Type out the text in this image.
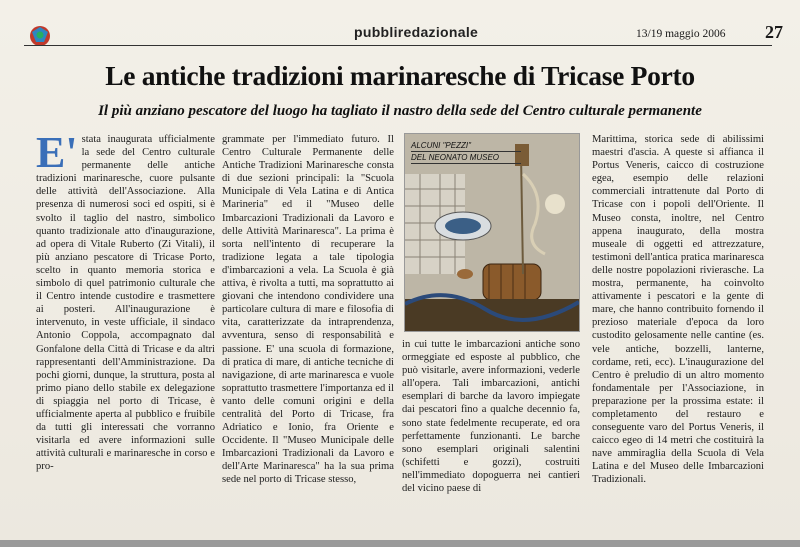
pubbliredazionale	13/19 maggio 2006 27
Le antiche tradizioni marinaresche di Tricase Porto
Il più anziano pescatore del luogo ha tagliato il nastro della sede del Centro culturale permanente
E' stata inaugurata ufficialmente la sede del Centro culturale permanente delle antiche tradizioni marinaresche, cuore pulsante delle attività dell'Associazione. Alla presenza di numerosi soci ed ospiti, si è svolto il taglio del nastro, simbolico quanto tradizionale atto d'inaugurazione, ad opera di Vitale Ruberto (Zi Vitali), il più anziano pescatore di Tricase Porto, scelto in quanto memoria storica e simbolo di quel patrimonio culturale che il Centro intende custodire e trasmettere ai posteri. All'inaugurazione è intervenuto, in veste ufficiale, il sindaco Antonio Coppola, accompagnato dal Gonfalone della Città di Tricase e da altri rappresentanti dell'Amministrazione. Da pochi giorni, dunque, la struttura, posta al primo piano dello stabile ex delegazione di spiaggia nel porto di Tricase, è ufficialmente aperta al pubblico e fruibile da tutti gli interessati che vorranno visitarla ed avere informazioni sulle attività culturali e marinaresche in corso e pro-

grammate per l'immediato futuro. Il Centro Culturale Permanente delle Antiche Tradizioni Marinaresche consta di due sezioni principali: la "Scuola Municipale di Vela Latina e di Antica Marineria" ed il "Museo delle Imbarcazioni Tradizionali da Lavoro e delle Attività Marinaresca". La prima è sorta nell'intento di recuperare la tradizione legata a tale tipologia d'imbarcazioni a vela. La Scuola è già attiva, è rivolta a tutti, ma soprattutto ai giovani che intendono condividere una particolare cultura di mare e filosofia di vita, caratterizzate da intraprendenza, avventura, senso di responsabilità e passione. E' una scuola di formazione, di pratica di mare, di antiche tecniche di navigazione, di arte marinaresca e vuole soprattutto trasmettere l'importanza ed il vanto delle comuni origini e della centralità del Porto di Tricase, fra Adriatico e Ionio, fra Oriente e Occidente. Il "Museo Municipale delle Imbarcazioni Tradizionali da Lavoro e dell'Arte Marinaresca" ha la sua prima sede nel porto di Tricase stesso,

ALCUNI "PEZZI"
DEL NEONATO MUSEO

in cui tutte le imbarcazioni antiche sono ormeggiate ed esposte al pubblico, che può visitarle, avere informazioni, vederle all'opera. Tali imbarcazioni, antichi esemplari di barche da lavoro impiegate dai pescatori fino a qualche decennio fa, sono state fedelmente recuperate, ed ora perfettamente funzionanti. Le barche sono esemplari originali salentini (schifetti e gozzi), costruiti nell'immediato dopoguerra nei cantieri del vicino paese di

Marittima, storica sede di abilissimi maestri d'ascia. A queste si affianca il Portus Veneris, caicco di costruzione egea, esempio delle relazioni commerciali intrattenute dal Porto di Tricase con i popoli dell'Oriente. Il Museo consta, inoltre, nel Centro appena inaugurato, della mostra museale di oggetti ed attrezzature, testimoni dell'antica pratica marinaresca delle nostre popolazioni rivierasche. La mostra, permanente, ha coinvolto attivamente i pescatori e la gente di mare, che hanno contribuito fornendo il prezioso materiale d'epoca da loro custodito gelosamente nelle cantine (es. vele antiche, bozzelli, lanterne, cordame, reti, ecc). L'inaugurazione del Centro è preludio di un altro momento fondamentale per l'Associazione, in preparazione per la prossima estate: il completamento del restauro e conseguente varo del Portus Veneris, il caicco egeo di 14 metri che costituirà la nave ammiraglia della Scuola di Vela Latina e del Museo delle Imbarcazioni Tradizionali.
